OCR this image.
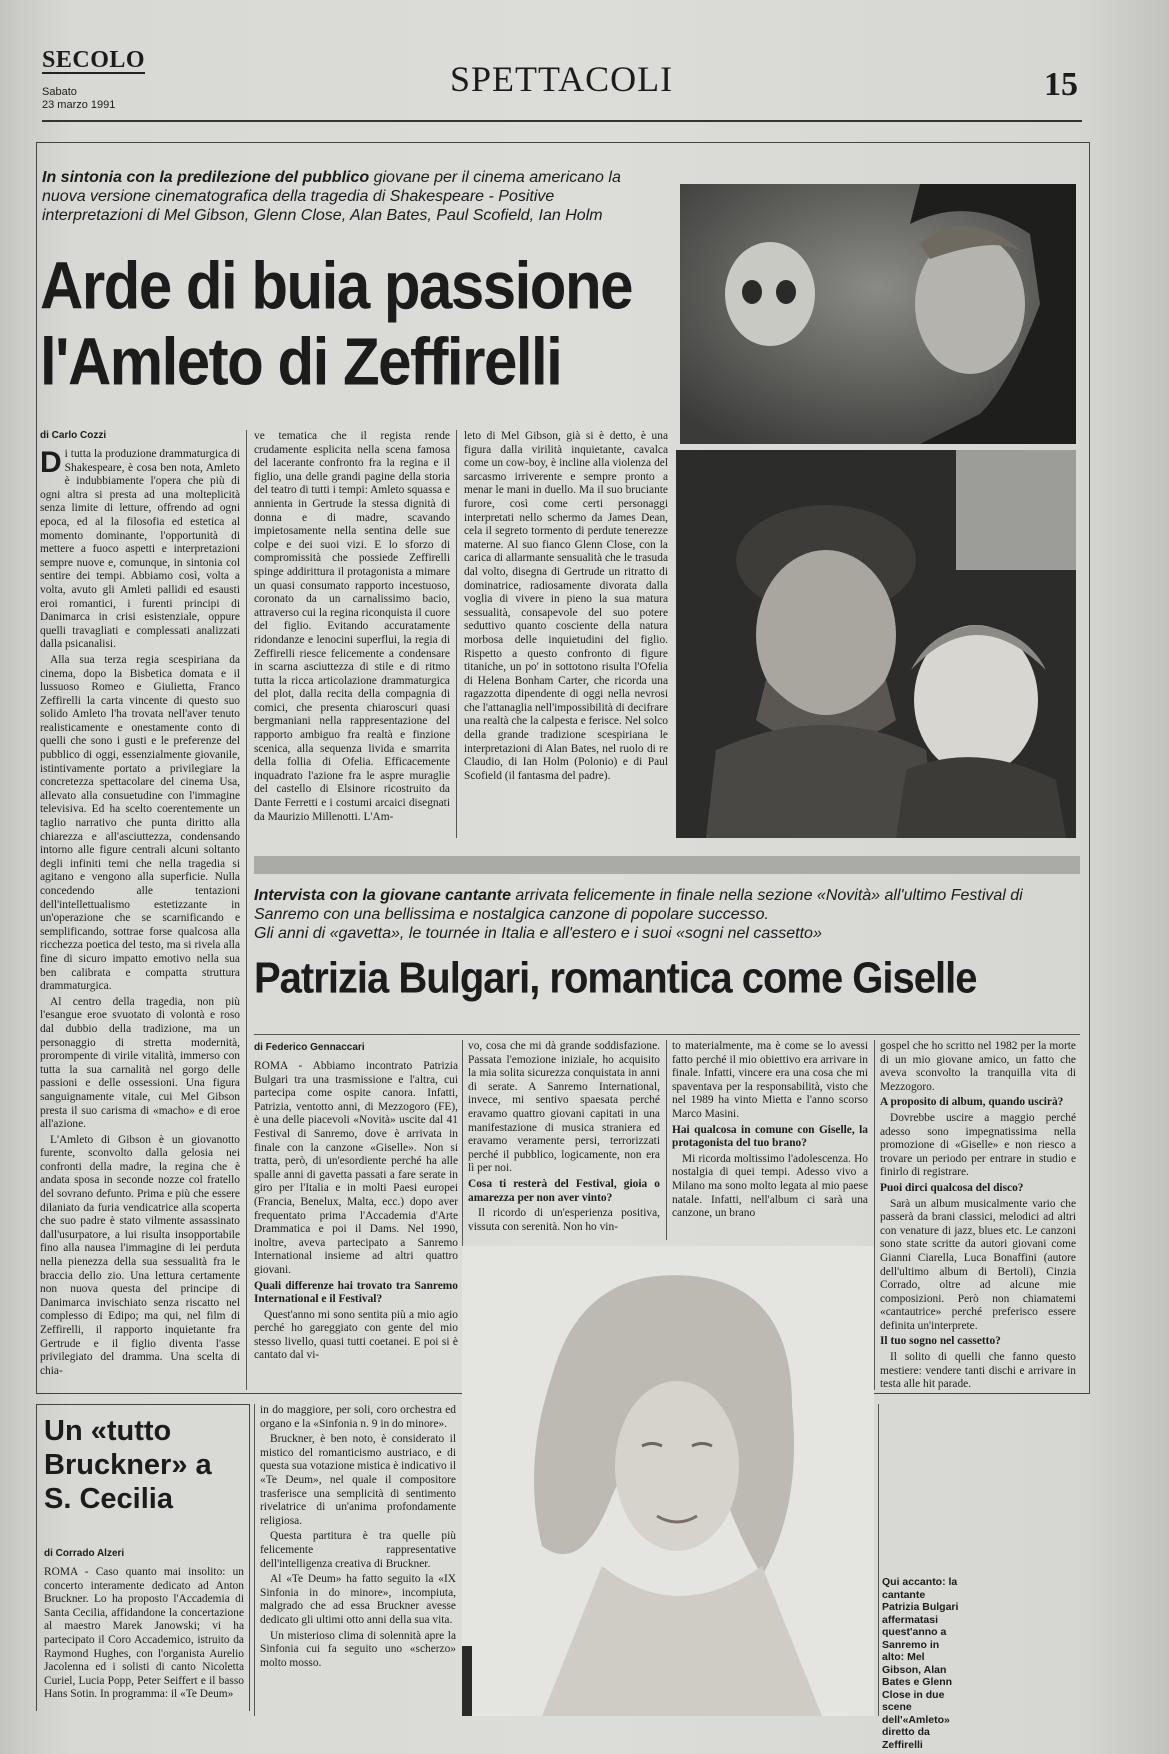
SECOLO
Sabato
23 marzo 1991
SPETTACOLI	15
In sintonia con la predilezione del pubblico giovane per il cinema americano la nuova versione cinematografica della tragedia di Shakespeare - Positive interpretazioni di Mel Gibson, Glenn Close, Alan Bates, Paul Scofield, Ian Holm
Arde di buia passione
l'Amleto di Zeffirelli
di Carlo Cozzi

Di tutta la produzione drammaturgica di Shakespeare, è cosa ben nota, Amleto è indubbiamente l'opera che più di ogni altra si presta ad una molteplicità senza limite di letture, offrendo ad ogni epoca, ed al la filosofia ed estetica al momento dominante, l'opportunità di mettere a fuoco aspetti e interpretazioni sempre nuove e, comunque, in sintonia col sentire dei tempi. Abbiamo così, volta a volta, avuto gli Amleti pallidi ed esausti eroi romantici, i furenti principi di Danimarca in crisi esistenziale, oppure quelli travagliati e complessati analizzati dalla psicanalisi.

Alla sua terza regia scespiriana da cinema, dopo la Bisbetica domata e il lussuoso Romeo e Giulietta, Franco Zeffirelli la carta vincente di questo suo solido Amleto l'ha trovata nell'aver tenuto realisticamente e onestamente conto di quelli che sono i gusti e le preferenze del pubblico di oggi, essenzialmente giovanile, istintivamente portato a privilegiare la concretezza spettacolare del cinema Usa, allevato alla consuetudine con l'immagine televisiva. Ed ha scelto coerentemente un taglio narrativo che punta diritto alla chiarezza e all'asciuttezza, condensando intorno alle figure centrali alcuni soltanto degli infiniti temi che nella tragedia si agitano e vengono alla superficie. Nulla concedendo alle tentazioni dell'intellettualismo estetizzante in un'operazione che se scarnificando e semplificando, sottrae forse qualcosa alla ricchezza poetica del testo, ma si rivela alla fine di sicuro impatto emotivo nella sua ben calibrata e compatta struttura drammaturgica.

Al centro della tragedia, non più l'esangue eroe svuotato di volontà e roso dal dubbio della tradizione, ma un personaggio di stretta modernità, prorompente di virile vitalità, immerso con tutta la sua carnalità nel gorgo delle passioni e delle ossessioni. Una figura sanguignamente vitale, cui Mel Gibson presta il suo carisma di «macho» e di eroe all'azione.

L'Amleto di Gibson è un giovanotto furente, sconvolto dalla gelosia nei confronti della madre, la regina che è andata sposa in seconde nozze col fratello del sovrano defunto. Prima e più che essere dilaniato da furia vendicatrice alla scoperta che suo padre è stato vilmente assassinato dall'usurpatore, a lui risulta insopportabile fino alla nausea l'immagine di lei perduta nella pienezza della sua sessualità fra le braccia dello zio. Una lettura certamente non nuova questa del principe di Danimarca invischiato senza riscatto nel complesso di Edipo; ma qui, nel film di Zeffirelli, il rapporto inquietante fra Gertrude e il figlio diventa l'asse privilegiato del dramma. Una scelta di chia-

ve tematica che il regista rende crudamente esplicita nella scena famosa del lacerante confronto fra la regina e il figlio, una delle grandi pagine della storia del teatro di tutti i tempi: Amleto squassa e annienta in Gertrude la stessa dignità di donna e di madre, scavando impietosamente nella sentina delle sue colpe e dei suoi vizi. E lo sforzo di compromissità che possiede Zeffirelli spinge addirittura il protagonista a mimare un quasi consumato rapporto incestuoso, coronato da un carnalissimo bacio, attraverso cui la regina riconquista il cuore del figlio. Evitando accuratamente ridondanze e lenocini superflui, la regia di Zeffirelli riesce felicemente a condensare in scarna asciuttezza di stile e di ritmo tutta la ricca articolazione drammaturgica del plot, dalla recita della compagnia di comici, che presenta chiaroscuri quasi bergmaniani nella rappresentazione del rapporto ambiguo fra realtà e finzione scenica, alla sequenza livida e smarrita della follia di Ofelia. Efficacemente inquadrato l'azione fra le aspre muraglie del castello di Elsinore ricostruito da Dante Ferretti e i costumi arcaici disegnati da Maurizio Millenotti. L'Am-

leto di Mel Gibson, già si è detto, è una figura dalla virilità inquietante, cavalca come un cow-boy, è incline alla violenza del sarcasmo irriverente e sempre pronto a menar le mani in duello. Ma il suo bruciante furore, così come certi personaggi interpretati nello schermo da James Dean, cela il segreto tormento di perdute tenerezze materne. Al suo fianco Glenn Close, con la carica di allarmante sensualità che le trasuda dal volto, disegna di Gertrude un ritratto di dominatrice, radiosamente divorata dalla voglia di vivere in pieno la sua matura sessualità, consapevole del suo potere seduttivo quanto cosciente della natura morbosa delle inquietudini del figlio. Rispetto a questo confronto di figure titaniche, un po' in sottotono risulta l'Ofelia di Helena Bonham Carter, che ricorda una ragazzotta dipendente di oggi nella nevrosi che l'attanaglia nell'impossibilità di decifrare una realtà che la calpesta e ferisce. Nel solco della grande tradizione scespiriana le interpretazioni di Alan Bates, nel ruolo di re Claudio, di Ian Holm (Polonio) e di Paul Scofield (il fantasma del padre).

Intervista con la giovane cantante arrivata felicemente in finale nella sezione «Novità» all'ultimo Festival di Sanremo con una bellissima e nostalgica canzone di popolare successo.
Gli anni di «gavetta», le tournée in Italia e all'estero e i suoi «sogni nel cassetto»
Patrizia Bulgari, romantica come Giselle
di Federico Gennaccari

ROMA - Abbiamo incontrato Patrizia Bulgari tra una trasmissione e l'altra, cui partecipa come ospite canora. Infatti, Patrizia, ventotto anni, di Mezzogoro (FE), è una delle piacevoli «Novità» uscite dal 41 Festival di Sanremo, dove è arrivata in finale con la canzone «Giselle». Non si tratta, però, di un'esordiente perché ha alle spalle anni di gavetta passati a fare serate in giro per l'Italia e in molti Paesi europei (Francia, Benelux, Malta, ecc.) dopo aver frequentato prima l'Accademia d'Arte Drammatica e poi il Dams. Nel 1990, inoltre, aveva partecipato a Sanremo International insieme ad altri quattro giovani.

Quali differenze hai trovato tra Sanremo International e il Festival?

Quest'anno mi sono sentita più a mio agio perché ho gareggiato con gente del mio stesso livello, quasi tutti coetanei. E poi si è cantato dal vi-

vo, cosa che mi dà grande soddisfazione. Passata l'emozione iniziale, ho acquisito la mia solita sicurezza conquistata in anni di serate. A Sanremo International, invece, mi sentivo spaesata perché eravamo quattro giovani capitati in una manifestazione di musica straniera ed eravamo veramente persi, terrorizzati perché il pubblico, logicamente, non era lì per noi.

Cosa ti resterà del Festival, gioia o amarezza per non aver vinto?

Il ricordo di un'esperienza positiva, vissuta con serenità. Non ho vin-

to materialmente, ma è come se lo avessi fatto perché il mio obiettivo era arrivare in finale. Infatti, vincere era una cosa che mi spaventava per la responsabilità, visto che nel 1989 ha vinto Mietta e l'anno scorso Marco Masini.

Hai qualcosa in comune con Giselle, la protagonista del tuo brano?

Mi ricorda moltissimo l'adolescenza. Ho nostalgia di quei tempi. Adesso vivo a Milano ma sono molto legata al mio paese natale. Infatti, nell'album ci sarà una canzone, un brano

gospel che ho scritto nel 1982 per la morte di un mio giovane amico, un fatto che aveva sconvolto la tranquilla vita di Mezzogoro.

A proposito di album, quando uscirà?

Dovrebbe uscire a maggio perché adesso sono impegnatissima nella promozione di «Giselle» e non riesco a trovare un periodo per entrare in studio e finirlo di registrare.

Puoi dirci qualcosa del disco?

Sarà un album musicalmente vario che passerà da brani classici, melodici ad altri con venature di jazz, blues etc. Le canzoni sono state scritte da autori giovani come Gianni Ciarella, Luca Bonaffini (autore dell'ultimo album di Bertoli), Cinzia Corrado, oltre ad alcune mie composizioni. Però non chiamatemi «cantautrice» perché preferisco essere definita un'interprete.

Il tuo sogno nel cassetto?

Il solito di quelli che fanno questo mestiere: vendere tanti dischi e arrivare in testa alle hit parade.

Un «tutto Bruckner» a S. Cecilia
di Corrado Alzeri

ROMA - Caso quanto mai insolito: un concerto interamente dedicato ad Anton Bruckner. Lo ha proposto l'Accademia di Santa Cecilia, affidandone la concertazione al maestro Marek Janowski; vi ha partecipato il Coro Accademico, istruito da Raymond Hughes, con l'organista Aurelio Jacolenna ed i solisti di canto Nicoletta Curiel, Lucia Popp, Peter Seiffert e il basso Hans Sotin. In programma: il «Te Deum»

in do maggiore, per soli, coro orchestra ed organo e la «Sinfonia n. 9 in do minore».

Bruckner, è ben noto, è considerato il mistico del romanticismo austriaco, e di questa sua votazione mistica è indicativo il «Te Deum», nel quale il compositore trasferisce una semplicità di sentimento rivelatrice di un'anima profondamente religiosa.

Questa partitura è tra quelle più felicemente rappresentative dell'intelligenza creativa di Bruckner.

Al «Te Deum» ha fatto seguito la «IX Sinfonia in do minore», incompiuta, malgrado che ad essa Bruckner avesse dedicato gli ultimi otto anni della sua vita.

Un misterioso clima di solennità apre la Sinfonia cui fa seguito uno «scherzo» molto mosso.

Qui accanto: la cantante Patrizia Bulgari affermatasi quest'anno a Sanremo in alto: Mel Gibson, Alan Bates e Glenn Close in due scene dell'«Amleto» diretto da Zeffirelli
